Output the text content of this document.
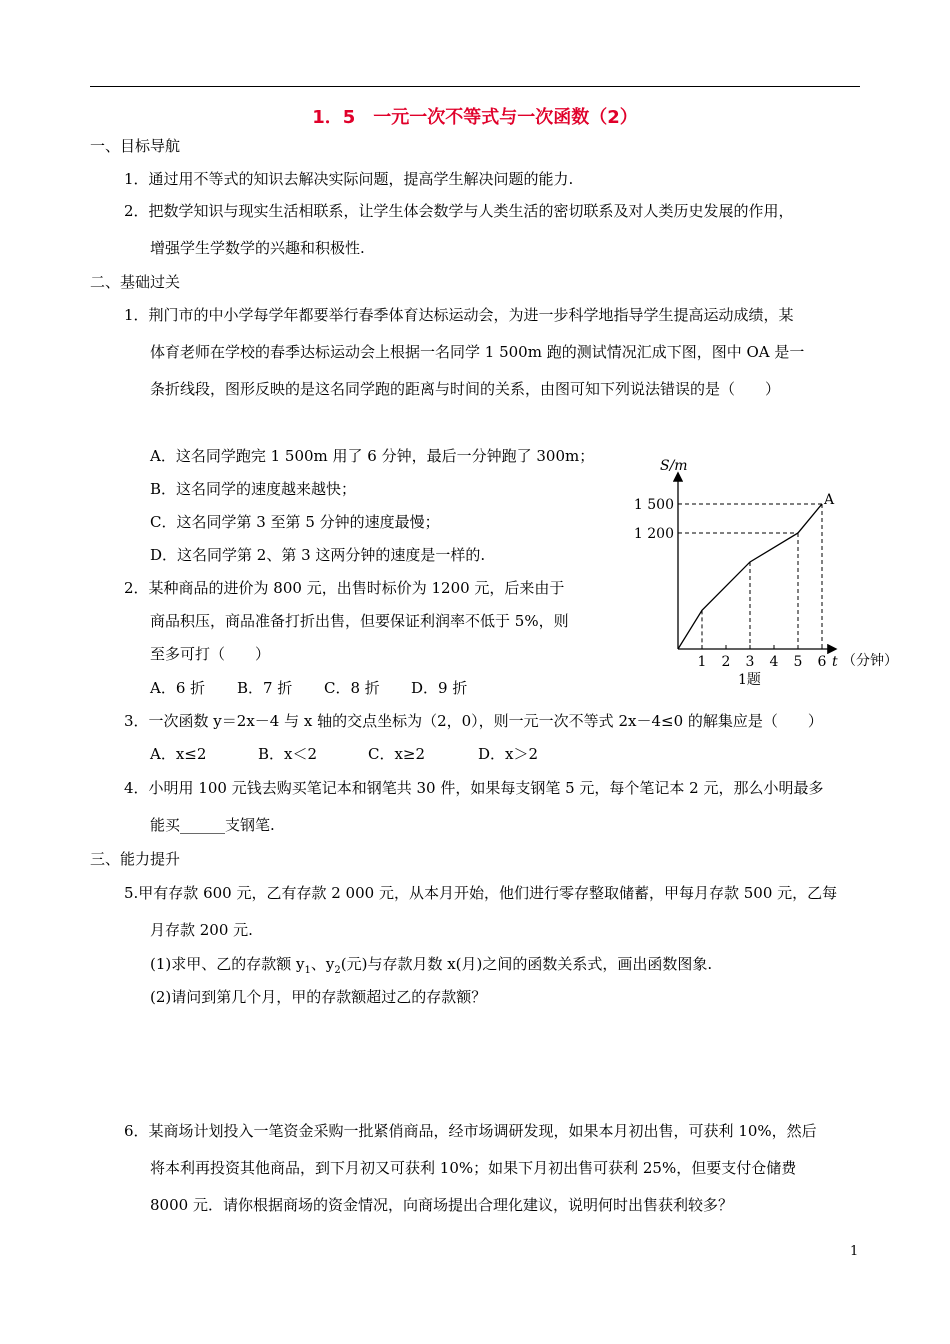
1．5　一元一次不等式与一次函数（2）
一、目标导航
1．通过用不等式的知识去解决实际问题，提高学生解决问题的能力.
2．把数学知识与现实生活相联系，让学生体会数学与人类生活的密切联系及对人类历史发展的作用，
增强学生学数学的兴趣和积极性.
二、基础过关
1．荆门市的中小学每学年都要举行春季体育达标运动会，为进一步科学地指导学生提高运动成绩，某
体育老师在学校的春季达标运动会上根据一名同学 1 500m 跑的测试情况汇成下图，图中 OA 是一
条折线段，图形反映的是这名同学跑的距离与时间的关系，由图可知下列说法错误的是（　　）
A．这名同学跑完 1 500m 用了 6 分钟，最后一分钟跑了 300m；
B．这名同学的速度越来越快；
C．这名同学第 3 至第 5 分钟的速度最慢；
D．这名同学第 2、第 3 这两分钟的速度是一样的.
2．某种商品的进价为 800 元，出售时标价为 1200 元，后来由于
商品积压，商品准备打折出售，但要保证利润率不低于 5%，则
至多可打（　　）
A．6 折 B．7 折 C．8 折 D．9 折
3．一次函数 y＝2x－4 与 x 轴的交点坐标为（2，0），则一元一次不等式 2x－4≤0 的解集应是（　　）
A．x≤2	B．x＜2	C．x≥2	D．x＞2
4．小明用 100 元钱去购买笔记本和钢笔共 30 件，如果每支钢笔 5 元，每个笔记本 2 元，那么小明最多
能买______支钢笔.
三、能力提升
5.甲有存款 600 元，乙有存款 2 000 元，从本月开始，他们进行零存整取储蓄，甲每月存款 500 元，乙每
月存款 200 元.
(1)求甲、乙的存款额 $y_1$、$y_2$(元)与存款月数 x(月)之间的函数关系式，画出函数图象.
(2)请问到第几个月，甲的存款额超过乙的存款额？
6．某商场计划投入一笔资金采购一批紧俏商品，经市场调研发现，如果本月初出售，可获利 10%，然后
将本利再投资其他商品，到下月初又可获利 10%；如果下月初出售可获利 25%，但要支付仓储费
8000 元．请你根据商场的资金情况，向商场提出合理化建议，说明何时出售获利较多？
1
1 2 3 4 5 6
1 200
1 500
S/m
t （分钟）
A
1题
